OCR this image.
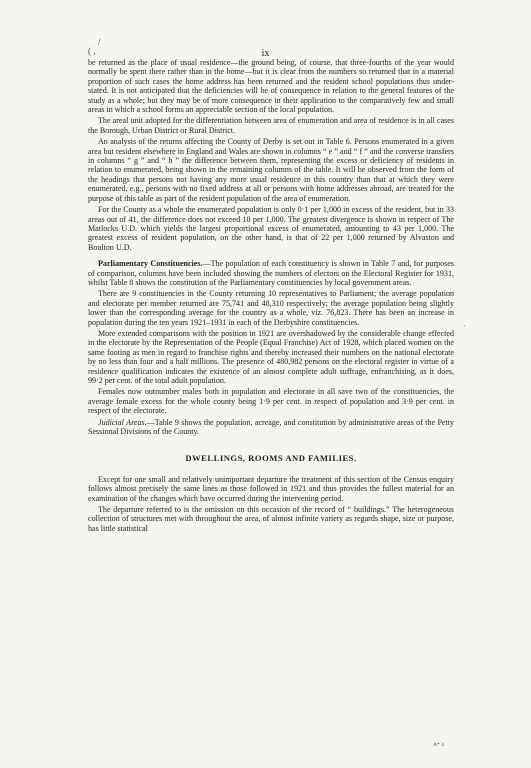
/
( ,	ix

be returned as the place of usual residence—the ground being, of course, that three-fourths of the year would normally be spent there rather than in the home—but it is clear from the numbers so returned that in a material proportion of such cases the home address has been returned and the resident school populations thus under-stated. It is not anticipated that the deficiencies will be of consequence in relation to the general features of the study as a whole; but they may be of more consequence in their application to the comparatively few and small areas in which a school forms an appreciable section of the local population.

The areal unit adopted for the differentiation between area of enumeration and area of residence is in all cases the Borough, Urban District or Rural District.

An analysis of the returns affecting the County of Derby is set out in Table 6. Persons enumerated in a given area but resident elsewhere in England and Wales are shown in columns “ e ” and “ f ” and the converse transfers in columns “ g ” and “ h ” the difference between them, representing the excess or deficiency of residents in relation to enumerated, being shown in the remaining columns of the table. It will be observed from the form of the headings that persons not having any more usual residence in this country than that at which they were enumerated, e.g., persons with no fixed address at all or persons with home addresses abroad, are treated for the purpose of this table as part of the resident population of the area of enumeration.

For the County as a whole the enumerated population is only 0·1 per 1,000 in excess of the resident, but in 33 areas out of 41, the difference does not exceed 10 per 1,000. The greatest divergence is shown in respect of The Matlocks U.D. which yields the largest proportional excess of enumerated, amounting to 43 per 1,000. The greatest excess of resident population, on the other hand, is that of 22 per 1,000 returned by Alvaston and Boulton U.D.

Parliamentary Constituencies.—The population of each constituency is shown in Table 7 and, for purposes of comparison, columns have been included showing the numbers of electors on the Electoral Register for 1931, whilst Table 8 shows the constitution of the Parliamentary constituencies by local government areas.

There are 9 constituencies in the County returning 10 representatives to Parliament; the average population and electorate per member returned are 75,741 and 48,310 respectively; the average population being slightly lower than the corresponding average for the country as a whole, viz. 76,823. There has been an increase in population during the ten years 1921–1931 in each of the Derbyshire constituencies.

More extended comparisons with the position in 1921 are overshadowed by the considerable change effected in the electorate by the Representation of the People (Equal Franchise) Act of 1928, which placed women on the same footing as men in regard to franchise rights and thereby increased their numbers on the national electorate by no less than four and a half millions. The presence of 480,982 persons on the electoral register in virtue of a residence qualification indicates the existence of an almost complete adult suffrage, enfranchising, as it does, 99·2 per cent. of the total adult population.

Females now outnumber males both in population and electorate in all save two of the constituencies, the average female excess for the whole county being 1·9 per cent. in respect of population and 3·9 per cent. in respect of the electorate.

Judicial Areas.—Table 9 shows the population, acreage, and constitution by administrative areas of the Petty Sessional Divisions of the County.

DWELLINGS, ROOMS AND FAMILIES.

Except for one small and relatively unimportant departure the treatment of this section of the Census enquiry follows almost precisely the same lines as those followed in 1921 and thus provides the fullest material for an examination of the changes which have occurred during the intervening period.

The departure referred to is the omission on this occasion of the record of “ buildings.” The heterogeneous collection of structures met with throughout the area, of almost infinite variety as regards shape, size or purpose, has little statistical

·
A* 4
